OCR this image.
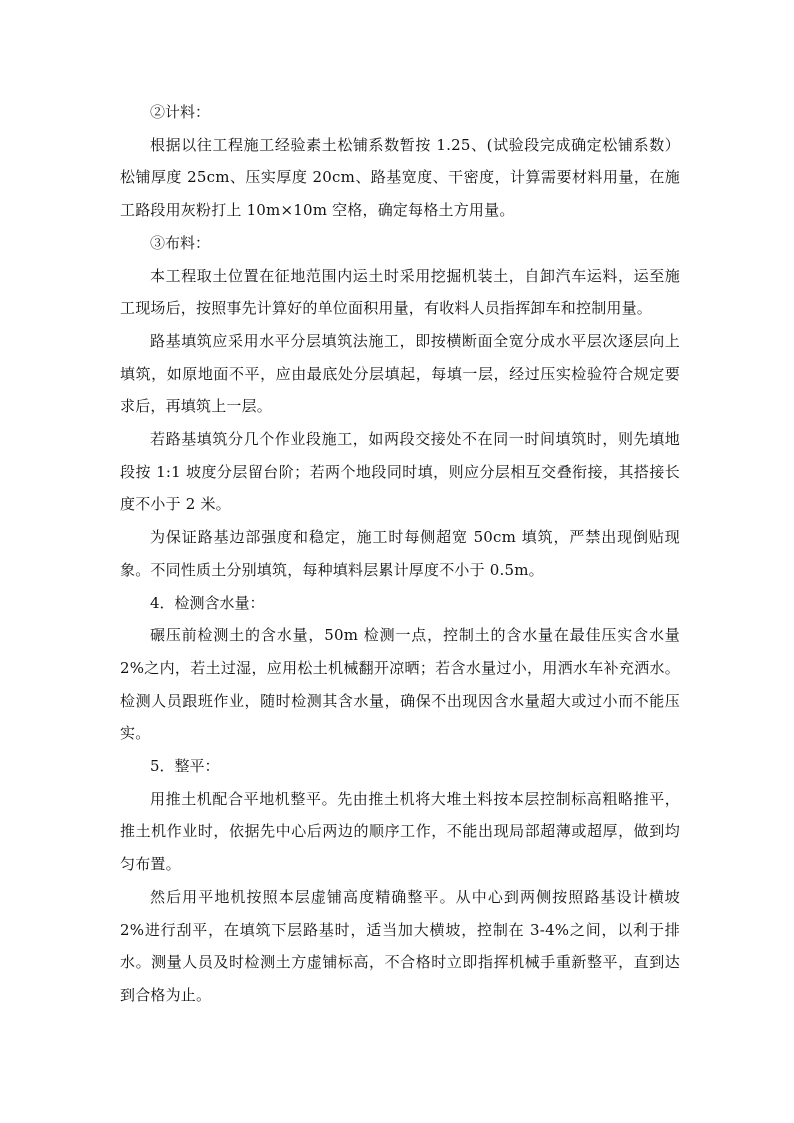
②计料：

根据以往工程施工经验素土松铺系数暂按 1.25、(试验段完成确定松铺系数）松铺厚度 25cm、压实厚度 20cm、路基宽度、干密度，计算需要材料用量，在施工路段用灰粉打上 10m×10m 空格，确定每格土方用量。

③布料：

本工程取土位置在征地范围内运土时采用挖掘机装土，自卸汽车运料，运至施工现场后，按照事先计算好的单位面积用量，有收料人员指挥卸车和控制用量。

路基填筑应采用水平分层填筑法施工，即按横断面全宽分成水平层次逐层向上填筑，如原地面不平，应由最底处分层填起，每填一层，经过压实检验符合规定要求后，再填筑上一层。

若路基填筑分几个作业段施工，如两段交接处不在同一时间填筑时，则先填地段按 1:1 坡度分层留台阶；若两个地段同时填，则应分层相互交叠衔接，其搭接长度不小于 2 米。

为保证路基边部强度和稳定，施工时每侧超宽 50cm 填筑，严禁出现倒贴现象。不同性质土分别填筑，每种填料层累计厚度不小于 0.5m。

4．检测含水量：

碾压前检测土的含水量，50m 检测一点，控制土的含水量在最佳压实含水量 2%之内，若土过湿，应用松土机械翻开凉晒；若含水量过小，用洒水车补充洒水。检测人员跟班作业，随时检测其含水量，确保不出现因含水量超大或过小而不能压实。

5．整平：

用推土机配合平地机整平。先由推土机将大堆土料按本层控制标高粗略推平，推土机作业时，依据先中心后两边的顺序工作，不能出现局部超薄或超厚，做到均匀布置。

然后用平地机按照本层虚铺高度精确整平。从中心到两侧按照路基设计横坡 2%进行刮平，在填筑下层路基时，适当加大横坡，控制在 3-4%之间，以利于排水。测量人员及时检测土方虚铺标高，不合格时立即指挥机械手重新整平，直到达到合格为止。
